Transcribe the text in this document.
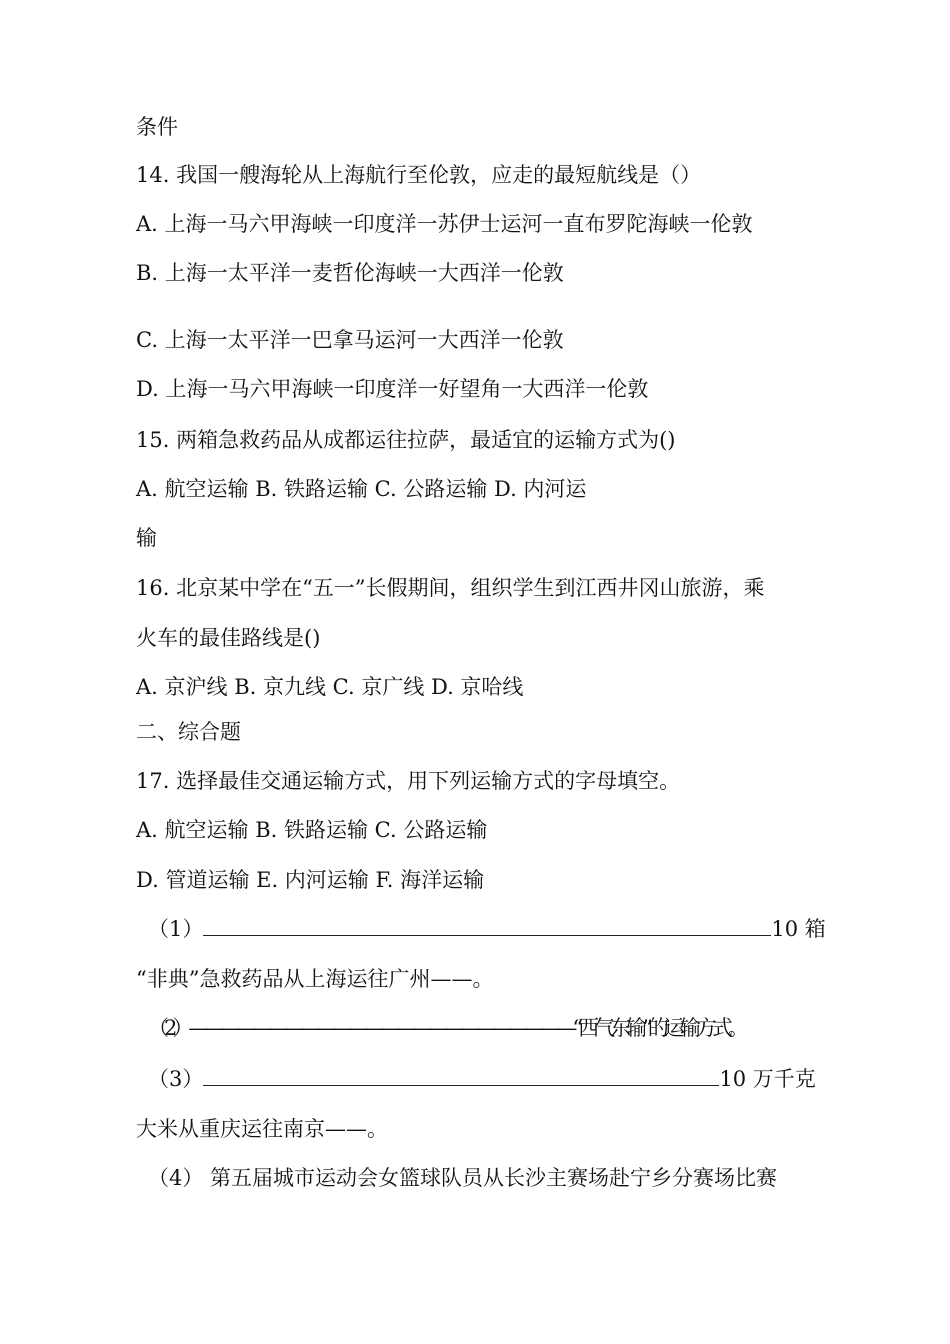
条件
14. 我国一艘海轮从上海航行至伦敦，应走的最短航线是（）
A. 上海一马六甲海峡一印度洋一苏伊士运河一直布罗陀海峡一伦敦
B. 上海一太平洋一麦哲伦海峡一大西洋一伦敦
C. 上海一太平洋一巴拿马运河一大西洋一伦敦
D. 上海一马六甲海峡一印度洋一好望角一大西洋一伦敦
15. 两箱急救药品从成都运往拉萨，最适宜的运输方式为()
A. 航空运输 B. 铁路运输 C. 公路运输 D. 内河运
输
16. 北京某中学在“五一”长假期间，组织学生到江西井冈山旅游，乘
火车的最佳路线是()
A. 京沪线 B. 京九线 C. 京广线 D. 京哈线
二、综合题
17. 选择最佳交通运输方式，用下列运输方式的字母填空。
A. 航空运输 B. 铁路运输 C. 公路运输
D. 管道运输 E. 内河运输 F. 海洋运输
（1）	10 箱
“非典”急救药品从上海运往广州——。
（2）————————————————————————“西气东输”的运输方式。
（3）	10 万千克
大米从重庆运往南京——。
（4） 第五届城市运动会女篮球队员从长沙主赛场赴宁乡分赛场比赛
